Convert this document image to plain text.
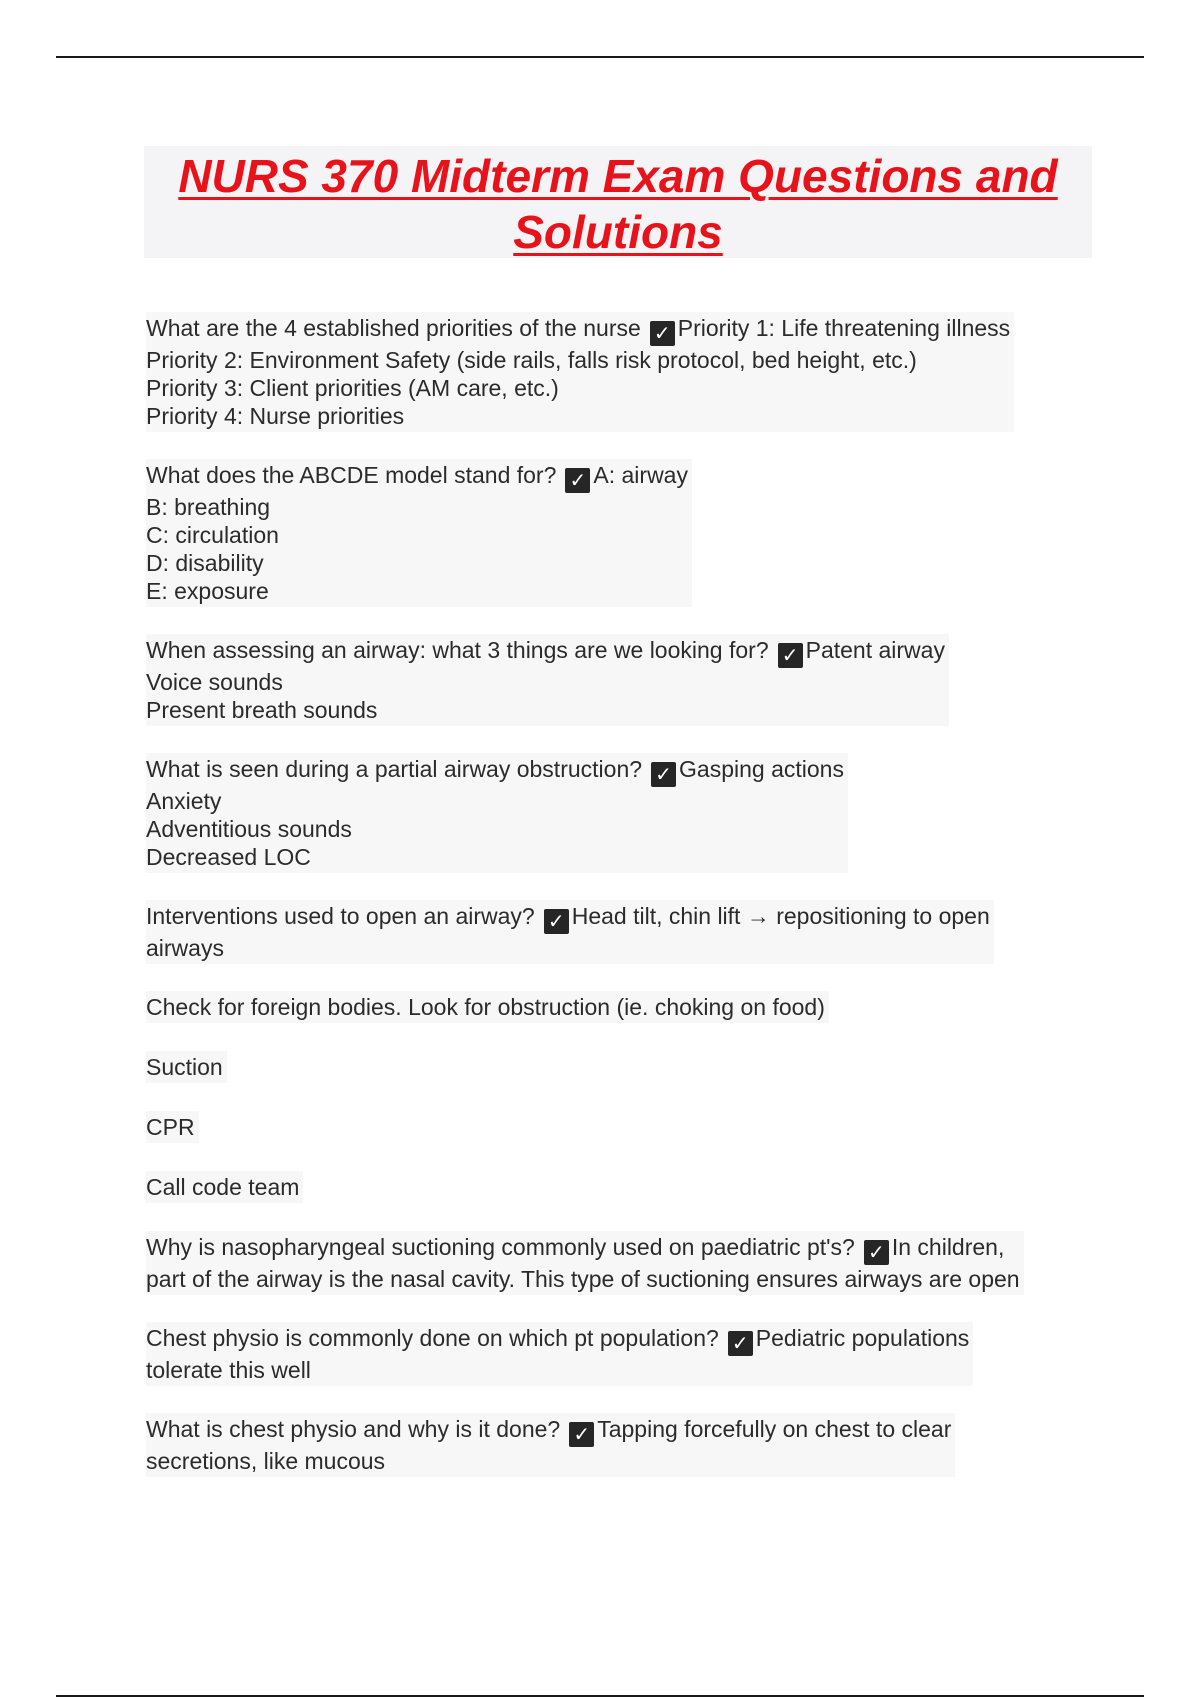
NURS 370 Midterm Exam Questions and
Solutions
What are the 4 established priorities of the nurse ✓ Priority 1: Life threatening illness
Priority 2: Environment Safety (side rails, falls risk protocol, bed height, etc.)
Priority 3: Client priorities (AM care, etc.)
Priority 4: Nurse priorities

What does the ABCDE model stand for? ✓ A: airway
B: breathing
C: circulation
D: disability
E: exposure

When assessing an airway: what 3 things are we looking for? ✓ Patent airway
Voice sounds
Present breath sounds

What is seen during a partial airway obstruction? ✓ Gasping actions
Anxiety
Adventitious sounds
Decreased LOC

Interventions used to open an airway? ✓ Head tilt, chin lift → repositioning to open
airways
Check for foreign bodies. Look for obstruction (ie. choking on food)
Suction
CPR
Call code team
Why is nasopharyngeal suctioning commonly used on paediatric pt's? ✓ In children,
part of the airway is the nasal cavity. This type of suctioning ensures airways are open

Chest physio is commonly done on which pt population? ✓ Pediatric populations
tolerate this well

What is chest physio and why is it done? ✓ Tapping forcefully on chest to clear
secretions, like mucous
